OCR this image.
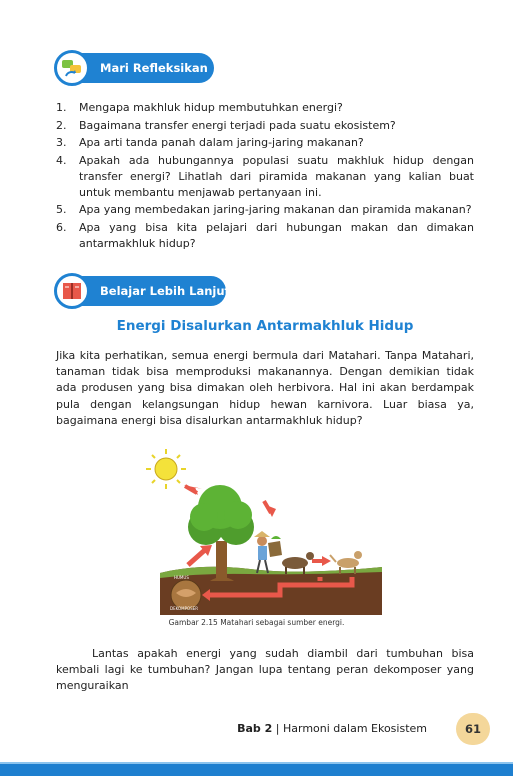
Mari Refleksikan
1. Mengapa makhluk hidup membutuhkan energi?
2. Bagaimana transfer energi terjadi pada suatu ekosistem?
3. Apa arti tanda panah dalam jaring-jaring makanan?
4. Apakah ada hubungannya populasi suatu makhluk hidup dengan transfer energi? Lihatlah dari piramida makanan yang kalian buat untuk membantu menjawab pertanyaan ini.
5. Apa yang membedakan jaring-jaring makanan dan piramida makanan?
6. Apa yang bisa kita pelajari dari hubungan makan dan dimakan antarmakhluk hidup?
Belajar Lebih Lanjut
Energi Disalurkan Antarmakhluk Hidup

Jika kita perhatikan, semua energi bermula dari Matahari. Tanpa Matahari, tanaman tidak bisa memproduksi makanannya. Dengan demikian tidak ada produsen yang bisa dimakan oleh herbivora. Hal ini akan berdampak pula dengan kelangsungan hidup hewan karnivora. Luar biasa ya, bagaimana energi bisa disalurkan antarmakhluk hidup?

HUMUS
DEKOMPOSER
Gambar 2.15 Matahari sebagai sumber energi.

Lantas apakah energi yang sudah diambil dari tumbuhan bisa kembali lagi ke tumbuhan? Jangan lupa tentang peran dekomposer yang menguraikan

Bab 2 | Harmoni dalam Ekosistem	61
